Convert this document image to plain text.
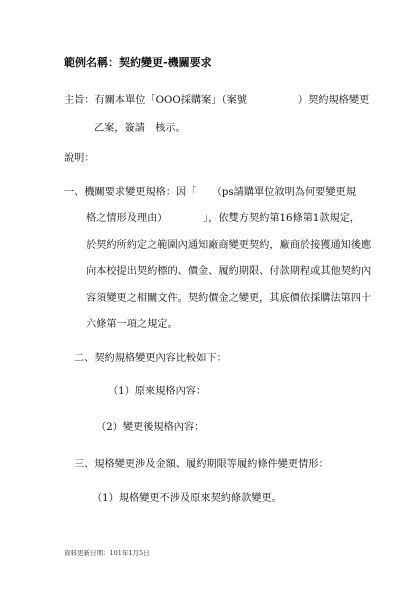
範例名稱：契約變更-機關要求
主旨：有關本單位「OOO採購案」（案號　　　　　）契約規格變更
乙案，簽請　核示。
說明：
一、機關要求變更規格：因「　　（ps請購單位敘明為何要變更規
格之情形及理由）　　　　」，依雙方契約第16條第1款規定，
於契約所約定之範圍內通知廠商變更契約，廠商於接獲通知後應
向本校提出契約標的、價金、履約期限、付款期程或其他契約內
容須變更之相關文件。契約價金之變更，其底價依採購法第四十
六條第一項之規定。
二、契約規格變更內容比較如下：
（1）原來規格內容：
（2）變更後規格內容：
三、規格變更涉及金額、履約期限等履約條件變更情形：
（1）規格變更不涉及原來契約條款變更。
資料更新日期：101年1月5日
